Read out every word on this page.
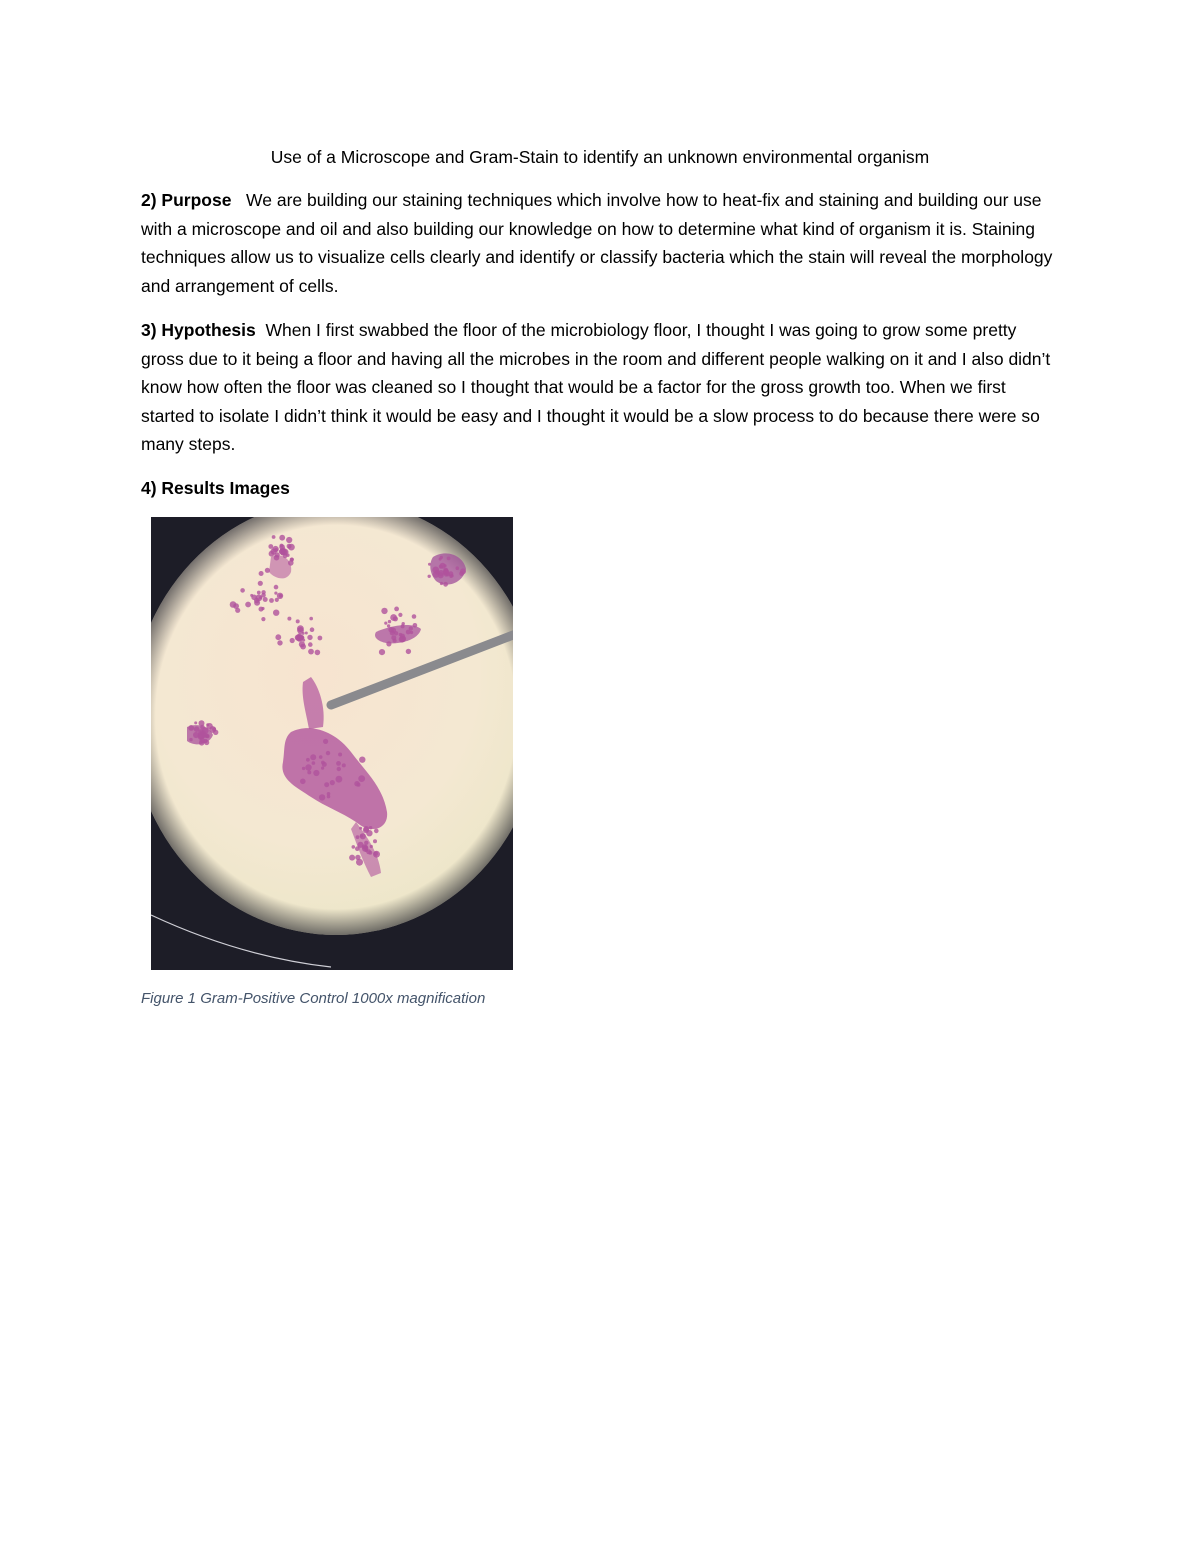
Use of a Microscope and Gram-Stain to identify an unknown environmental organism

2) Purpose We are building our staining techniques which involve how to heat-fix and staining and building our use with a microscope and oil and also building our knowledge on how to determine what kind of organism it is. Staining techniques allow us to visualize cells clearly and identify or classify bacteria which the stain will reveal the morphology and arrangement of cells.

3) Hypothesis When I first swabbed the floor of the microbiology floor, I thought I was going to grow some pretty gross due to it being a floor and having all the microbes in the room and different people walking on it and I also didn’t know how often the floor was cleaned so I thought that would be a factor for the gross growth too. When we first started to isolate I didn’t think it would be easy and I thought it would be a slow process to do because there were so many steps.

4) Results Images
Figure 1 Gram-Positive Control 1000x magnification
